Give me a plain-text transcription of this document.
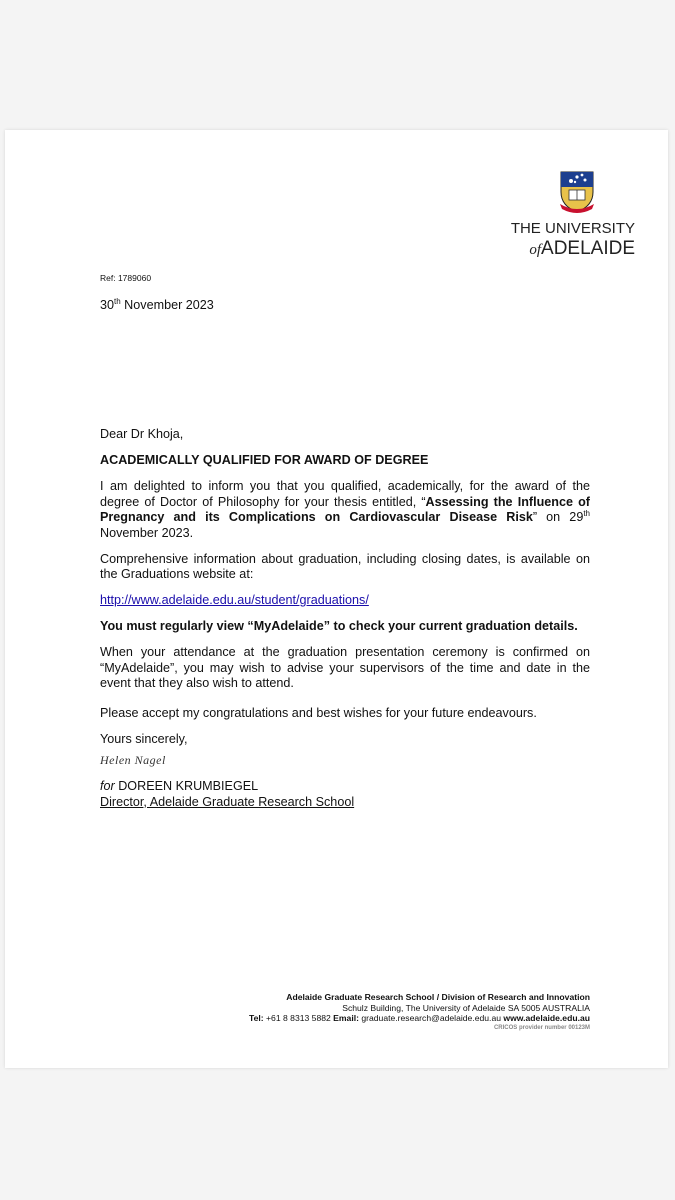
THE UNIVERSITY
ofADELAIDE
Ref: 1789060
30th November 2023
Dear Dr Khoja,
ACADEMICALLY QUALIFIED FOR AWARD OF DEGREE
I am delighted to inform you that you qualified, academically, for the award of the degree of Doctor of Philosophy for your thesis entitled, “Assessing the Influence of Pregnancy and its Complications on Cardiovascular Disease Risk” on 29th November 2023.
Comprehensive information about graduation, including closing dates, is available on the Graduations website at:
http://www.adelaide.edu.au/student/graduations/
You must regularly view “MyAdelaide” to check your current graduation details.
When your attendance at the graduation presentation ceremony is confirmed on “MyAdelaide”, you may wish to advise your supervisors of the time and date in the event that they also wish to attend.
Please accept my congratulations and best wishes for your future endeavours.
Yours sincerely,
Helen Nagel
for DOREEN KRUMBIEGEL
Director, Adelaide Graduate Research School
Adelaide Graduate Research School / Division of Research and Innovation
Schulz Building, The University of Adelaide SA 5005 AUSTRALIA
Tel: +61 8 8313 5882 Email: graduate.research@adelaide.edu.au www.adelaide.edu.au
CRICOS provider number 00123M
